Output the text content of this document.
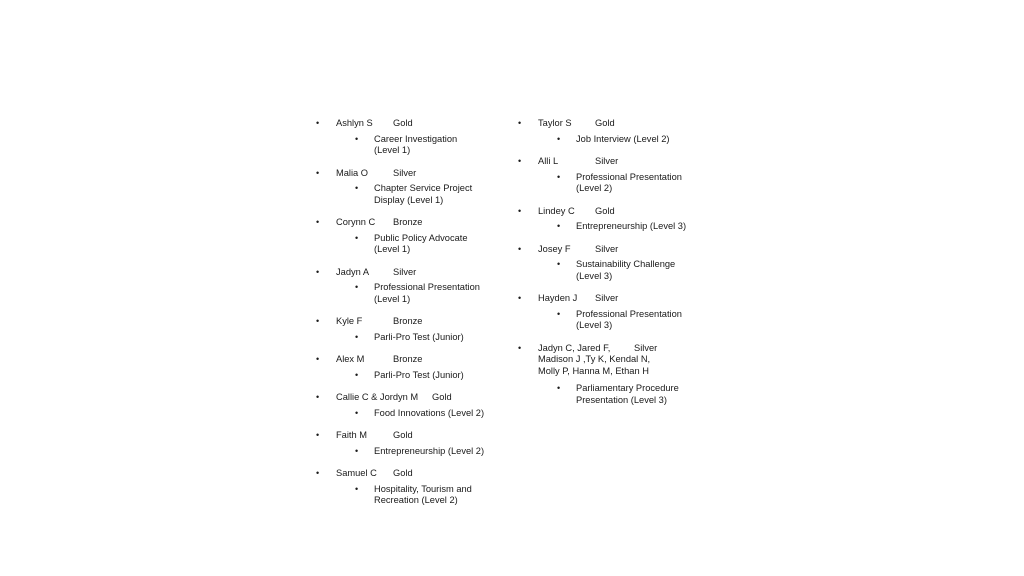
• Ashlyn S	Gold
• Career Investigation
(Level 1)
• Malia O	Silver
• Chapter Service Project
Display (Level 1)
• Corynn C	Bronze
• Public Policy Advocate
(Level 1)
• Jadyn A	Silver
• Professional Presentation
(Level 1)
• Kyle F	Bronze
• Parli-Pro Test (Junior)
• Alex M	Bronze
• Parli-Pro Test (Junior)
• Callie C & Jordyn M	Gold
• Food Innovations (Level 2)
• Faith M	Gold
• Entrepreneurship (Level 2)
• Samuel C	Gold
• Hospitality, Tourism and
Recreation (Level 2)
• Taylor S	Gold
• Job Interview (Level 2)
• Alli L	Silver
• Professional Presentation
(Level 2)
• Lindey C	Gold
• Entrepreneurship (Level 3)
• Josey F	Silver
• Sustainability Challenge
(Level 3)
• Hayden J	Silver
• Professional Presentation
(Level 3)
• Jadyn C, Jared F,
Madison J ,Ty K, Kendal N,
Molly P, Hanna M, Ethan H
Silver
• Parliamentary Procedure
Presentation (Level 3)
